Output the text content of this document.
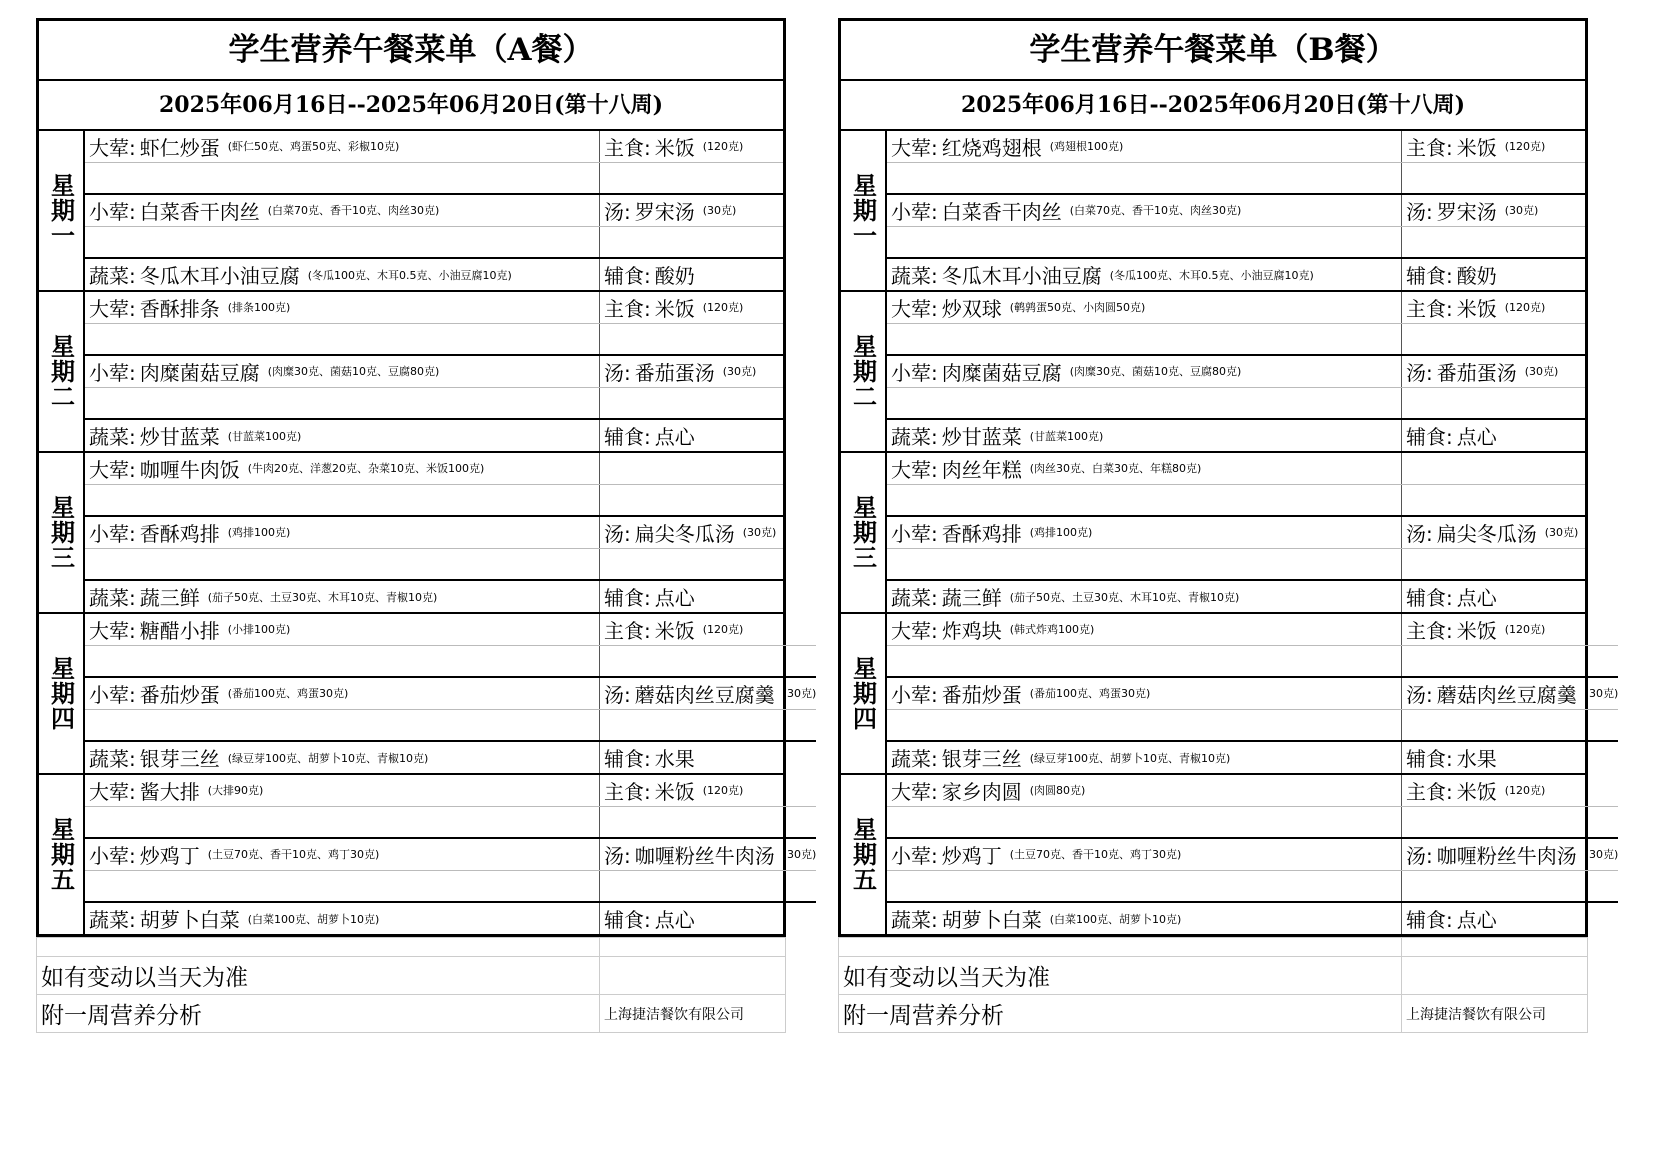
学生营养午餐菜单（A餐）
2025年06月16日--2025年06月20日(第十八周)
星期一
大荤: 虾仁炒蛋 (虾仁50克、鸡蛋50克、彩椒10克)	主食: 米饭 (120克)
小荤: 白菜香干肉丝 (白菜70克、香干10克、肉丝30克)	汤: 罗宋汤 (30克)
蔬菜: 冬瓜木耳小油豆腐 (冬瓜100克、木耳0.5克、小油豆腐10克)	辅食: 酸奶
星期二
大荤: 香酥排条 (排条100克)	主食: 米饭 (120克)
小荤: 肉糜菌菇豆腐 (肉糜30克、菌菇10克、豆腐80克)	汤: 番茄蛋汤 (30克)
蔬菜: 炒甘蓝菜 (甘蓝菜100克)	辅食: 点心
星期三
大荤: 咖喱牛肉饭 (牛肉20克、洋葱20克、杂菜10克、米饭100克)
小荤: 香酥鸡排 (鸡排100克)	汤: 扁尖冬瓜汤 (30克)
蔬菜: 蔬三鲜 (茄子50克、土豆30克、木耳10克、青椒10克)	辅食: 点心
星期四
大荤: 糖醋小排 (小排100克)	主食: 米饭 (120克)
小荤: 番茄炒蛋 (番茄100克、鸡蛋30克)	汤: 蘑菇肉丝豆腐羹 (30克)
蔬菜: 银芽三丝 (绿豆芽100克、胡萝卜10克、青椒10克)	辅食: 水果
星期五
大荤: 酱大排 (大排90克)	主食: 米饭 (120克)
小荤: 炒鸡丁 (土豆70克、香干10克、鸡丁30克)	汤: 咖喱粉丝牛肉汤 (30克)
蔬菜: 胡萝卜白菜 (白菜100克、胡萝卜10克)	辅食: 点心
如有变动以当天为准
附一周营养分析	上海捷洁餐饮有限公司
学生营养午餐菜单（B餐）
2025年06月16日--2025年06月20日(第十八周)
星期一
大荤: 红烧鸡翅根 (鸡翅根100克)	主食: 米饭 (120克)
小荤: 白菜香干肉丝 (白菜70克、香干10克、肉丝30克)	汤: 罗宋汤 (30克)
蔬菜: 冬瓜木耳小油豆腐 (冬瓜100克、木耳0.5克、小油豆腐10克)	辅食: 酸奶
星期二
大荤: 炒双球 (鹌鹑蛋50克、小肉圆50克)	主食: 米饭 (120克)
小荤: 肉糜菌菇豆腐 (肉糜30克、菌菇10克、豆腐80克)	汤: 番茄蛋汤 (30克)
蔬菜: 炒甘蓝菜 (甘蓝菜100克)	辅食: 点心
星期三
大荤: 肉丝年糕 (肉丝30克、白菜30克、年糕80克)
小荤: 香酥鸡排 (鸡排100克)	汤: 扁尖冬瓜汤 (30克)
蔬菜: 蔬三鲜 (茄子50克、土豆30克、木耳10克、青椒10克)	辅食: 点心
星期四
大荤: 炸鸡块 (韩式炸鸡100克)	主食: 米饭 (120克)
小荤: 番茄炒蛋 (番茄100克、鸡蛋30克)	汤: 蘑菇肉丝豆腐羹 (30克)
蔬菜: 银芽三丝 (绿豆芽100克、胡萝卜10克、青椒10克)	辅食: 水果
星期五
大荤: 家乡肉圆 (肉圆80克)	主食: 米饭 (120克)
小荤: 炒鸡丁 (土豆70克、香干10克、鸡丁30克)	汤: 咖喱粉丝牛肉汤 (30克)
蔬菜: 胡萝卜白菜 (白菜100克、胡萝卜10克)	辅食: 点心
如有变动以当天为准
附一周营养分析	上海捷洁餐饮有限公司
